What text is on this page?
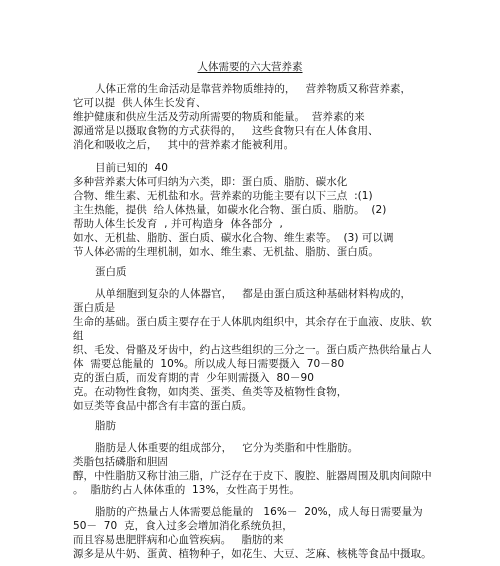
人体需要的六大营养素
人体正常的生命活动是靠营养物质维持的，   营养物质又称营养素，
它可以提  供人体生长发育、
维护健康和供应生活及劳动所需要的物质和能量。  营养素的来
源通常是以摄取食物的方式获得的，   这些食物只有在人体食用、
消化和吸收之后，   其中的营养素才能被利用。
目前已知的  40
多种营养素大体可归纳为六类，即：蛋白质、脂肪、碳水化
合物、维生素、无机盐和水。营养素的功能主要有以下三点  :(1)
主生热能，提供  给人体热量，如碳水化合物、蛋白质、脂肪。  (2)
帮助人体生长发育  , 并可构造身  体各部分  ,
如水、无机盐、脂肪、蛋白质、碳水化合物、维生素等。  (3) 可以调
节人体必需的生理机制，如水、维生素、无机盐、脂肪、蛋白质。
蛋白质
从单细胞到复杂的人体器官，   都是由蛋白质这种基础材料构成的，
蛋白质是
生命的基础。蛋白质主要存在于人体肌肉组织中，其余存在于血液、皮肤、软
组
织、毛发、骨骼及牙齿中，约占这些组织的三分之一。蛋白质产热供给量占人
体  需要总能量的  10%。所以成人每日需要摄入  70－80
克的蛋白质，而发育期的青  少年则需摄入  80－90
克。在动物性食物，如肉类、蛋类、鱼类等及植物性食物，
如豆类等食品中都含有丰富的蛋白质。
脂肪
脂肪是人体重要的组成部分，   它分为类脂和中性脂肪。
类脂包括磷脂和胆固
醇，中性脂肪又称甘油三脂，广泛存在于皮下、腹腔、脏器周围及肌肉间隙中
。  脂肪约占人体体重的  13%，女性高于男性。
脂肪的产热量占人体需要总能量的   16%－  20%，成人每日需要量为
50－  70  克，食入过多会增加消化系统负担，
而且容易患肥胖病和心血管疾病。   脂肪的来
源多是从牛奶、蛋黄、植物种子，如花生、大豆、芝麻、核桃等食品中摄取。
